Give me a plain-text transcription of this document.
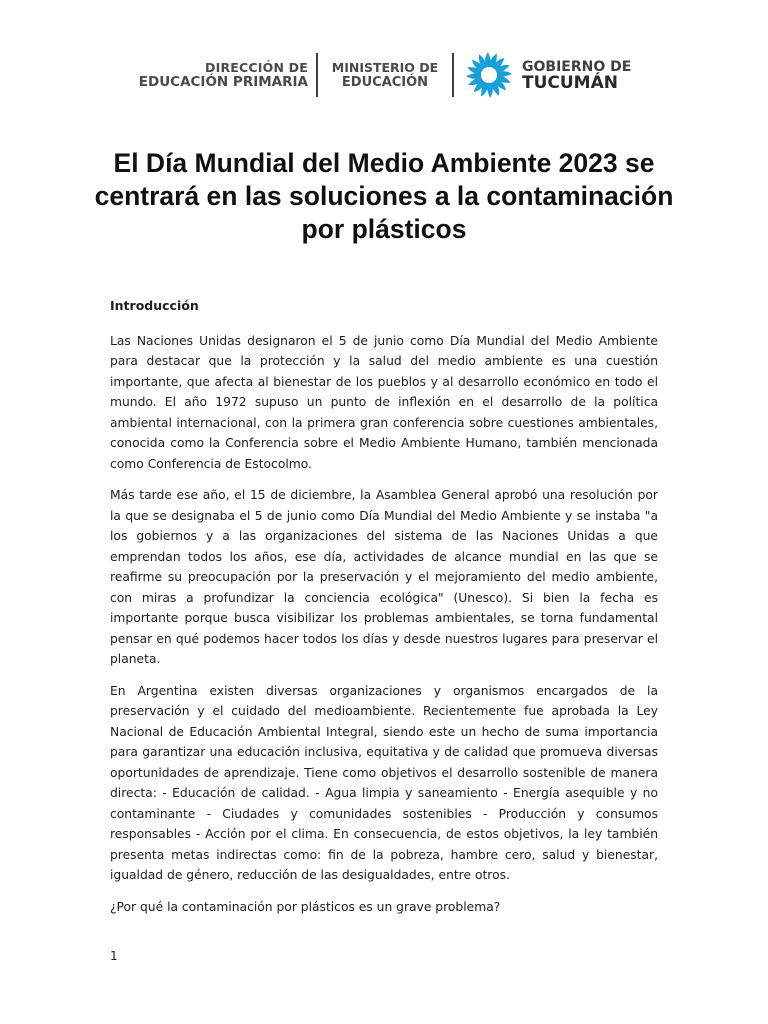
DIRECCIÓN DE
EDUCACIÓN PRIMARIA
MINISTERIO DE
EDUCACIÓN
GOBIERNO DE
TUCUMÁN
El Día Mundial del Medio Ambiente 2023 se centrará en las soluciones a la contaminación por plásticos
Introducción

Las Naciones Unidas designaron el 5 de junio como Día Mundial del Medio Ambiente para destacar que la protección y la salud del medio ambiente es una cuestión importante, que afecta al bienestar de los pueblos y al desarrollo económico en todo el mundo. El año 1972 supuso un punto de inflexión en el desarrollo de la política ambiental internacional, con la primera gran conferencia sobre cuestiones ambientales, conocida como la Conferencia sobre el Medio Ambiente Humano, también mencionada como Conferencia de Estocolmo.

Más tarde ese año, el 15 de diciembre, la Asamblea General aprobó una resolución por la que se designaba el 5 de junio como Día Mundial del Medio Ambiente y se instaba "a los gobiernos y a las organizaciones del sistema de las Naciones Unidas a que emprendan todos los años, ese día, actividades de alcance mundial en las que se reafirme su preocupación por la preservación y el mejoramiento del medio ambiente, con miras a profundizar la conciencia ecológica" (Unesco). Si bien la fecha es importante porque busca visibilizar los problemas ambientales, se torna fundamental pensar en qué podemos hacer todos los días y desde nuestros lugares para preservar el planeta.

En Argentina existen diversas organizaciones y organismos encargados de la preservación y el cuidado del medioambiente. Recientemente fue aprobada la Ley Nacional de Educación Ambiental Integral, siendo este un hecho de suma importancia para garantizar una educación inclusiva, equitativa y de calidad que promueva diversas oportunidades de aprendizaje. Tiene como objetivos el desarrollo sostenible de manera directa: - Educación de calidad. - Agua limpia y saneamiento - Energía asequible y no contaminante - Ciudades y comunidades sostenibles - Producción y consumos responsables - Acción por el clima. En consecuencia, de estos objetivos, la ley también presenta metas indirectas como: fin de la pobreza, hambre cero, salud y bienestar, igualdad de género, reducción de las desigualdades, entre otros.

¿Por qué la contaminación por plásticos es un grave problema?

1
